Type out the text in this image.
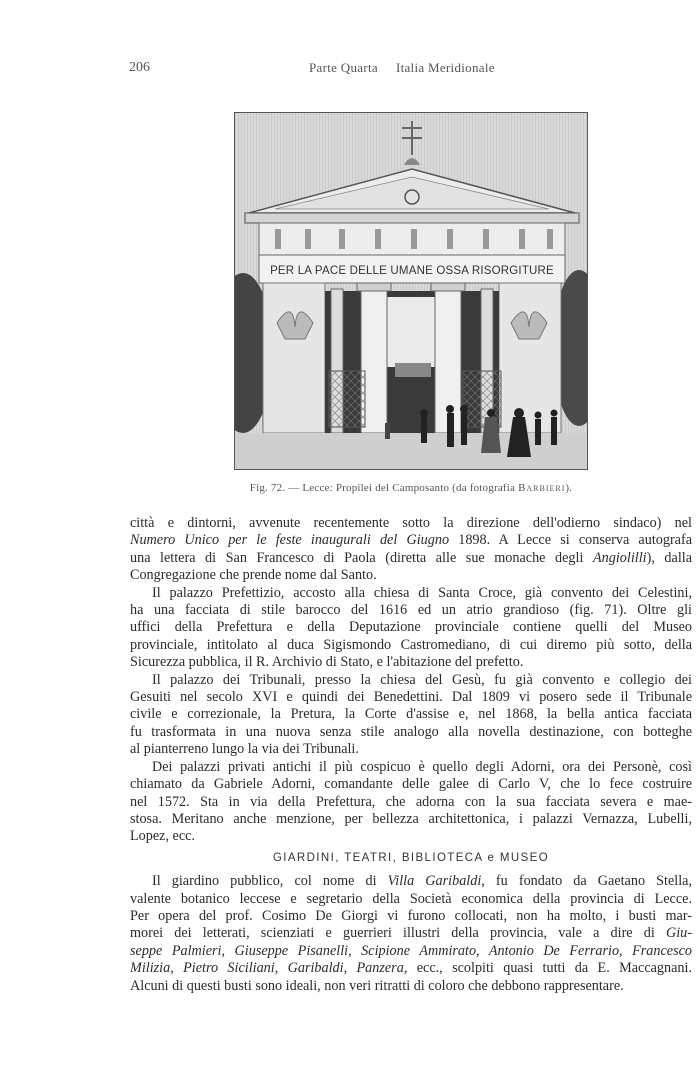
206	Parte Quarta Italia Meridionale
PER LA PACE DELLE UMANE OSSA RISORGITURE
Fig. 72. — Lecce: Propilei del Camposanto (da fotografia Barbieri).

città e dintorni, avvenute recentemente sotto la direzione dell'odierno sindaco) nel
Numero Unico per le feste inaugurali del Giugno 1898. A Lecce si conserva autografa
una lettera di San Francesco di Paola (diretta alle sue monache degli Angiolilli), dalla
Congregazione che prende nome dal Santo.

Il palazzo Prefettizio, accosto alla chiesa di Santa Croce, già convento dei Celestini,
ha una facciata di stile barocco del 1616 ed un atrio grandioso (fig. 71). Oltre gli
uffici della Prefettura e della Deputazione provinciale contiene quelli del Museo
provinciale, intitolato al duca Sigismondo Castromediano, di cui diremo più sotto, della
Sicurezza pubblica, il R. Archivio di Stato, e l'abitazione del prefetto.

Il palazzo dei Tribunali, presso la chiesa del Gesù, fu già convento e collegio dei
Gesuiti nel secolo XVI e quindi dei Benedettini. Dal 1809 vi posero sede il Tribunale
civile e correzionale, la Pretura, la Corte d'assise e, nel 1868, la bella antica facciata
fu trasformata in una nuova senza stile analogo alla novella destinazione, con botteghe
al pianterreno lungo la via dei Tribunali.

Dei palazzi privati antichi il più cospicuo è quello degli Adorni, ora dei Personè, così
chiamato da Gabriele Adorni, comandante delle galee di Carlo V, che lo fece costruire
nel 1572. Sta in via della Prefettura, che adorna con la sua facciata severa e mae-
stosa. Meritano anche menzione, per bellezza architettonica, i palazzi Vernazza, Lubelli,
Lopez, ecc.

GIARDINI, TEATRI, BIBLIOTECA e MUSEO

Il giardino pubblico, col nome di Villa Garibaldi, fu fondato da Gaetano Stella,
valente botanico leccese e segretario della Società economica della provincia di Lecce.
Per opera del prof. Cosimo De Giorgi vi furono collocati, non ha molto, i busti mar-
morei dei letterati, scienziati e guerrieri illustri della provincia, vale a dire di Giu-
seppe Palmieri, Giuseppe Pisanelli, Scipione Ammirato, Antonio De Ferrario, Francesco
Milizia, Pietro Siciliani, Garibaldi, Panzera, ecc., scolpiti quasi tutti da E. Maccagnani.
Alcuni di questi busti sono ideali, non veri ritratti di coloro che debbono rappresentare.
